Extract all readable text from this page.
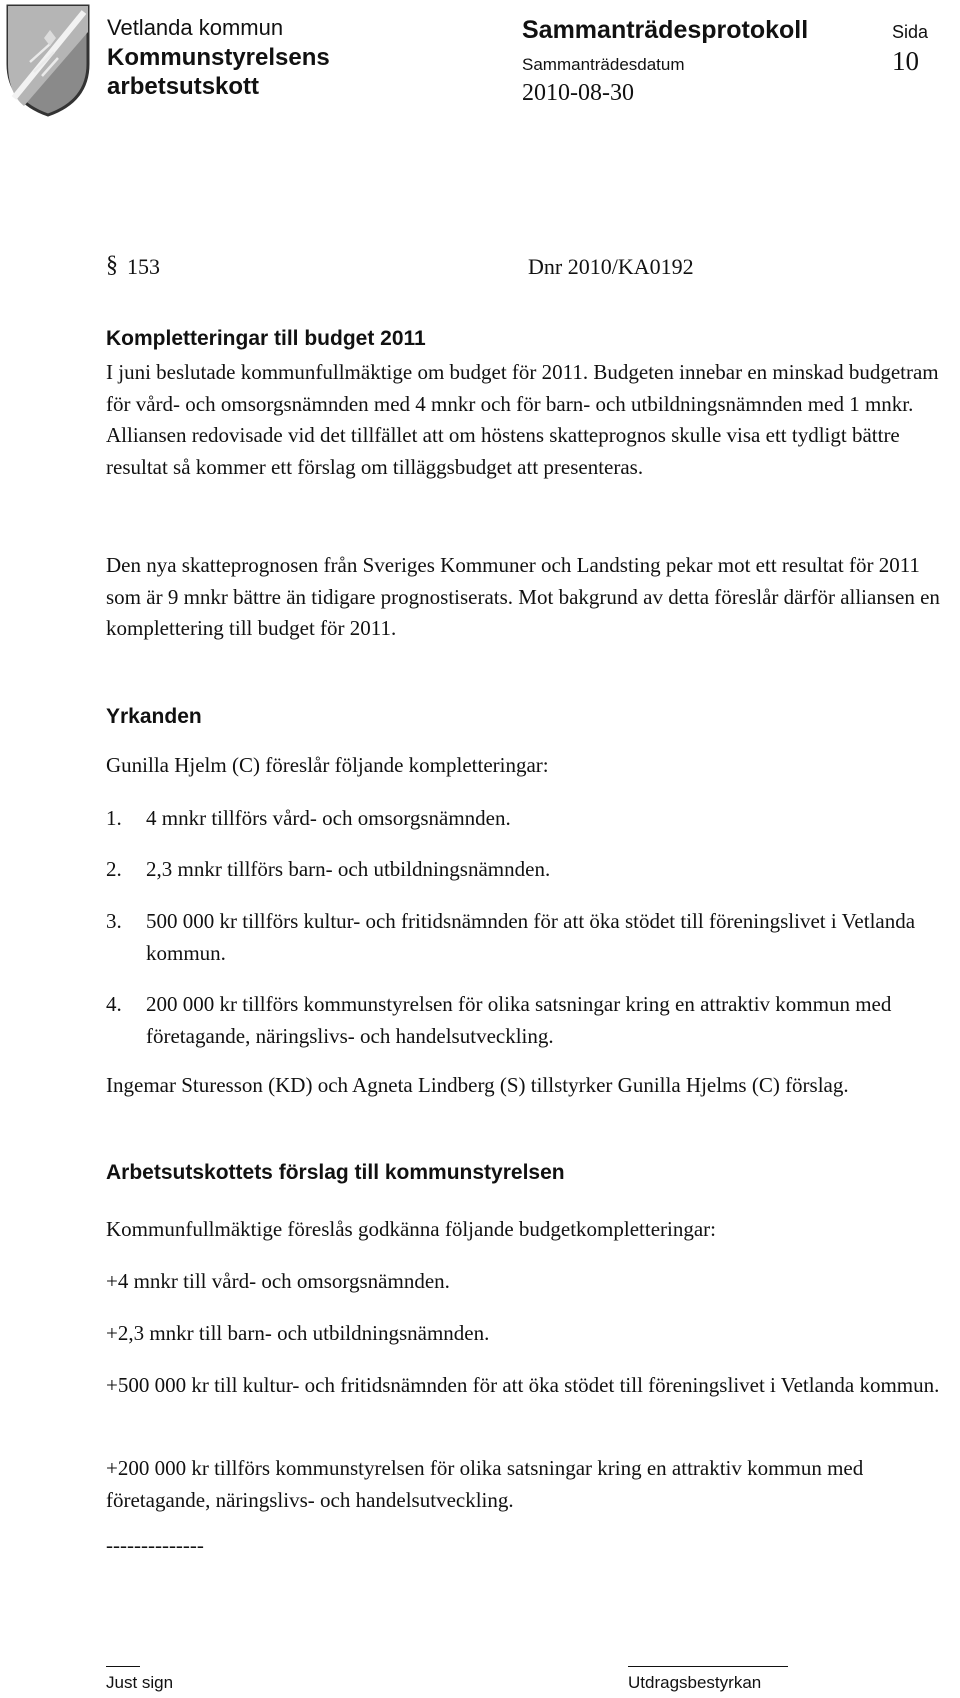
Vetlanda kommun
Kommunstyrelsens
arbetsutskott
Sammanträdesprotokoll	Sida
10
Sammanträdesdatum
2010-08-30
§ 153	Dnr 2010/KA0192
Kompletteringar till budget 2011

I juni beslutade kommunfullmäktige om budget för 2011. Budgeten innebar en minskad budgetram för vård- och omsorgsnämnden med 4 mnkr och för barn- och utbildningsnämnden med 1 mnkr. Alliansen redovisade vid det tillfället att om höstens skatteprognos skulle visa ett tydligt bättre resultat så kommer ett förslag om tilläggsbudget att presenteras.

Den nya skatteprognosen från Sveriges Kommuner och Landsting pekar mot ett resultat för 2011 som är 9 mnkr bättre än tidigare prognostiserats. Mot bakgrund av detta föreslår därför alliansen en komplettering till budget för 2011.

Yrkanden

Gunilla Hjelm (C) föreslår följande kompletteringar:

1. 4 mnkr tillförs vård- och omsorgsnämnden.
2. 2,3 mnkr tillförs barn- och utbildningsnämnden.
3. 500 000 kr tillförs kultur- och fritidsnämnden för att öka stödet till föreningslivet i Vetlanda kommun.
4. 200 000 kr tillförs kommunstyrelsen för olika satsningar kring en attraktiv kommun med företagande, näringslivs- och handelsutveckling.

Ingemar Sturesson (KD) och Agneta Lindberg (S) tillstyrker Gunilla Hjelms (C) förslag.

Arbetsutskottets förslag till kommunstyrelsen

Kommunfullmäktige föreslås godkänna följande budgetkompletteringar:

+4 mnkr till vård- och omsorgsnämnden.

+2,3 mnkr till barn- och utbildningsnämnden.

+500 000 kr till kultur- och fritidsnämnden för att öka stödet till föreningslivet i Vetlanda kommun.

+200 000 kr tillförs kommunstyrelsen för olika satsningar kring en attraktiv kommun med företagande, näringslivs- och handelsutveckling.

--------------
Just sign	Utdragsbestyrkan
